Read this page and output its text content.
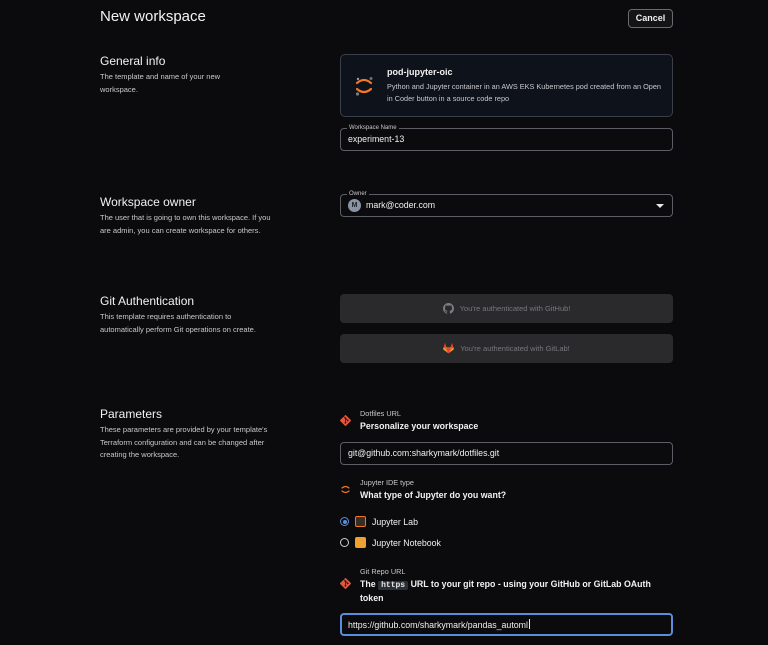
New workspace	Cancel
General info
The template and name of your new workspace.
pod-jupyter-oic
Python and Jupyter container in an AWS EKS Kubernetes pod created from an Open in Coder button in a source code repo
Workspace Name
experiment-13
Workspace owner
The user that is going to own this workspace. If you are admin, you can create workspace for others.
Owner
M mark@coder.com
Git Authentication
This template requires authentication to automatically perform Git operations on create.
You're authenticated with GitHub!
You're authenticated with GitLab!
Parameters
These parameters are provided by your template's Terraform configuration and can be changed after creating the workspace.
Dotfiles URL
Personalize your workspace
git@github.com:sharkymark/dotfiles.git
Jupyter IDE type
What type of Jupyter do you want?
Jupyter Lab
Jupyter Notebook
Git Repo URL
The https URL to your git repo - using your GitHub or GitLab OAuth token
https://github.com/sharkymark/pandas_automl
